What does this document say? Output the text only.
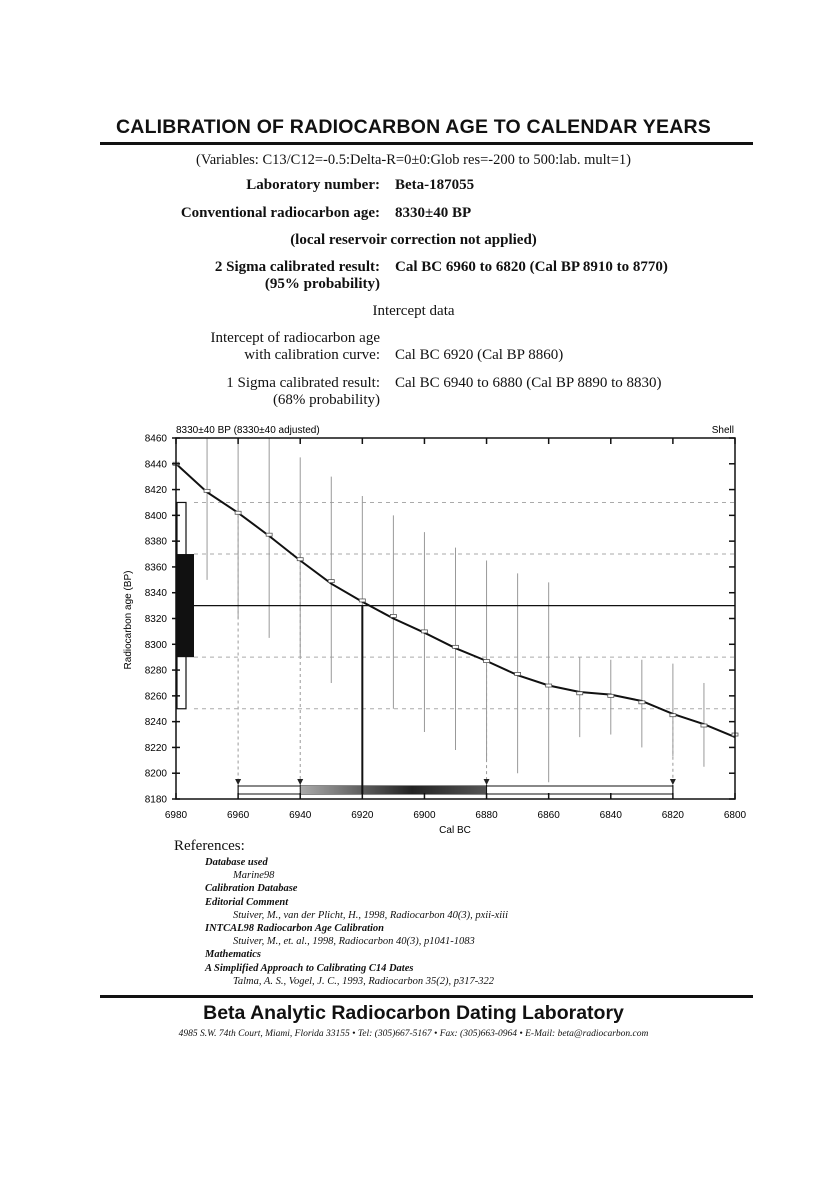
CALIBRATION OF RADIOCARBON AGE TO CALENDAR YEARS
(Variables: C13/C12=-0.5:Delta-R=0±0:Glob res=-200 to 500:lab. mult=1)
Laboratory number: Beta-187055
Conventional radiocarbon age: 8330±40 BP
(local reservoir correction not applied)
2 Sigma calibrated result:
(95% probability)
Cal BC 6960 to 6820 (Cal BP 8910 to 8770)
Intercept data
Intercept of radiocarbon age
with calibration curve: Cal BC 6920 (Cal BP 8860)
1 Sigma calibrated result:
(68% probability)
Cal BC 6940 to 6880 (Cal BP 8890 to 8830)
6980	6960	6940	6920	6900	6880	6860	6840	6820	6800
8460
8440
8420
8400
8380
8360
8340
8320
8300
8280
8260
8240
8220
8200
8180
8330±40 BP (8330±40 adjusted)	Shell
Cal BC
Radiocarbon age (BP)
References:
Database used
Marine98
Calibration Database
Editorial Comment
Stuiver, M., van der Plicht, H., 1998, Radiocarbon 40(3), pxii-xiii
INTCAL98 Radiocarbon Age Calibration
Stuiver, M., et. al., 1998, Radiocarbon 40(3), p1041-1083
Mathematics
A Simplified Approach to Calibrating C14 Dates
Talma, A. S., Vogel, J. C., 1993, Radiocarbon 35(2), p317-322
Beta Analytic Radiocarbon Dating Laboratory
4985 S.W. 74th Court, Miami, Florida 33155 • Tel: (305)667-5167 • Fax: (305)663-0964 • E-Mail: beta@radiocarbon.com
